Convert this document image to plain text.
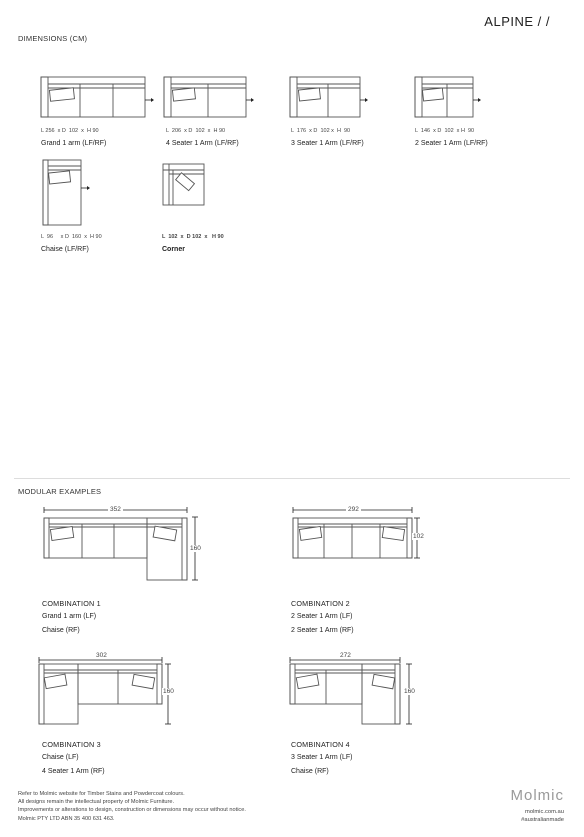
ALPINE / /
DIMENSIONS (CM)
352
160
292
102
302
160
272
160
L 256  x D  102  x  H 90
Grand 1 arm (LF/RF)
L  206  x D  102  x  H 90
4 Seater 1 Arm (LF/RF)
L  176  x D  102 x  H  90
3 Seater 1 Arm (LF/RF)
L  146  x D  102  x H  90
2 Seater 1 Arm (LF/RF)
L  96     x D  160  x  H 90
Chaise (LF/RF)
L  102  x  D 102  x   H 90
Corner
MODULAR EXAMPLES
COMBINATION 1
Grand 1 arm (LF)
Chaise (RF)
COMBINATION 2
2 Seater 1 Arm (LF)
2 Seater 1 Arm (RF)
COMBINATION 3
Chaise (LF)
4 Seater 1 Arm (RF)
COMBINATION 4
3 Seater 1 Arm (LF)
Chaise (RF)
Refer to Molmic website for Timber Stains and Powdercoat colours.
All designs remain the intellectual property of Molmic Furniture.
Improvements or alterations to design, construction or dimensions may occur without notice.
Molmic PTY LTD ABN 35 400 631 463.
Molmic
molmic.com.au
#australianmade
